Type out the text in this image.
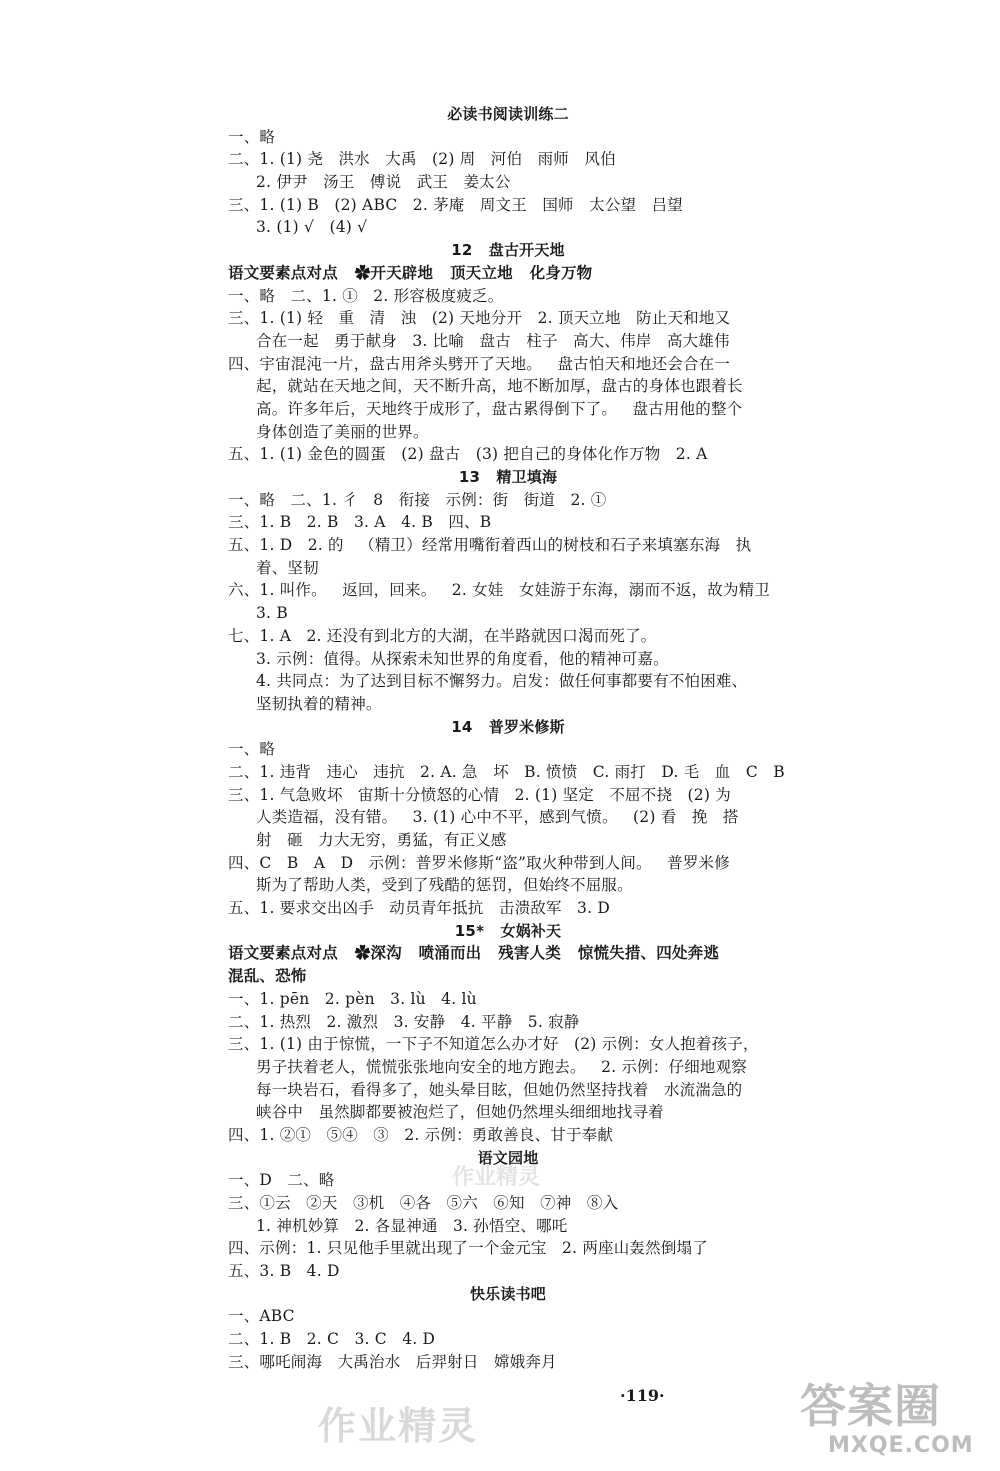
必读书阅读训练二
一、略
二、1. (1) 尧   洪水   大禹   (2) 周   河伯   雨师   风伯
2. 伊尹   汤王   傅说   武王   姜太公
三、1. (1) B   (2) ABC   2. 茅庵   周文王   国师   太公望   吕望
3. (1) √   (4) √
12   盘古开天地
语文要素点对点   ✿开天辟地   顶天立地   化身万物
一、略   二、1. ①   2. 形容极度疲乏。
三、1. (1) 轻   重   清   浊   (2) 天地分开   2. 顶天立地   防止天和地又
合在一起   勇于献身   3. 比喻   盘古   柱子   高大、伟岸   高大雄伟
四、宇宙混沌一片，盘古用斧头劈开了天地。   盘古怕天和地还会合在一
起，就站在天地之间，天不断升高，地不断加厚，盘古的身体也跟着长
高。许多年后，天地终于成形了，盘古累得倒下了。   盘古用他的整个
身体创造了美丽的世界。
五、1. (1) 金色的圆蛋   (2) 盘古   (3) 把自己的身体化作万物   2. A
13   精卫填海
一、略   二、1. 彳   8   衔接   示例：街   街道   2. ①
三、1. B   2. B   3. A   4. B   四、B
五、1. D   2. 的   （精卫）经常用嘴衔着西山的树枝和石子来填塞东海   执
着、坚韧
六、1. 叫作。   返回，回来。   2. 女娃   女娃游于东海，溺而不返，故为精卫
3. B
七、1. A   2. 还没有到北方的大湖，在半路就因口渴而死了。
3. 示例：值得。从探索未知世界的角度看，他的精神可嘉。
4. 共同点：为了达到目标不懈努力。启发：做任何事都要有不怕困难、
坚韧执着的精神。
14   普罗米修斯
一、略
二、1. 违背   违心   违抗   2. A. 急   坏   B. 愤愤   C. 雨打   D. 毛   血   C   B
三、1. 气急败坏   宙斯十分愤怒的心情   2. (1) 坚定   不屈不挠   (2) 为
人类造福，没有错。   3. (1) 心中不平，感到气愤。   (2) 看   挽   搭
射   砸   力大无穷，勇猛，有正义感
四、C   B   A   D   示例：普罗米修斯“盗”取火种带到人间。   普罗米修
斯为了帮助人类，受到了残酷的惩罚，但始终不屈服。
五、1. 要求交出凶手   动员青年抵抗   击溃敌军   3. D
15*   女娲补天
语文要素点对点   ✿深沟   喷涌而出   残害人类   惊慌失措、四处奔逃
混乱、恐怖
一、1. pēn   2. pèn   3. lù   4. lù
二、1. 热烈   2. 激烈   3. 安静   4. 平静   5. 寂静
三、1. (1) 由于惊慌，一下子不知道怎么办才好   (2) 示例：女人抱着孩子，
男子扶着老人，慌慌张张地向安全的地方跑去。   2. 示例：仔细地观察
每一块岩石，看得多了，她头晕目眩，但她仍然坚持找着   水流湍急的
峡谷中   虽然脚都要被泡烂了，但她仍然埋头细细地找寻着
四、1. ②①   ⑤④   ③   2. 示例：勇敢善良、甘于奉献
语文园地
一、D   二、略
三、①云   ②天   ③机   ④各   ⑤六   ⑥知   ⑦神   ⑧入
1. 神机妙算   2. 各显神通   3. 孙悟空、哪吒
四、示例：1. 只见他手里就出现了一个金元宝   2. 两座山轰然倒塌了
五、3. B   4. D
快乐读书吧
一、ABC
二、1. B   2. C   3. C   4. D
三、哪吒闹海   大禹治水   后羿射日   嫦娥奔月
·119·
作业精灵
作业精灵	答案圈
MXQE.COM
